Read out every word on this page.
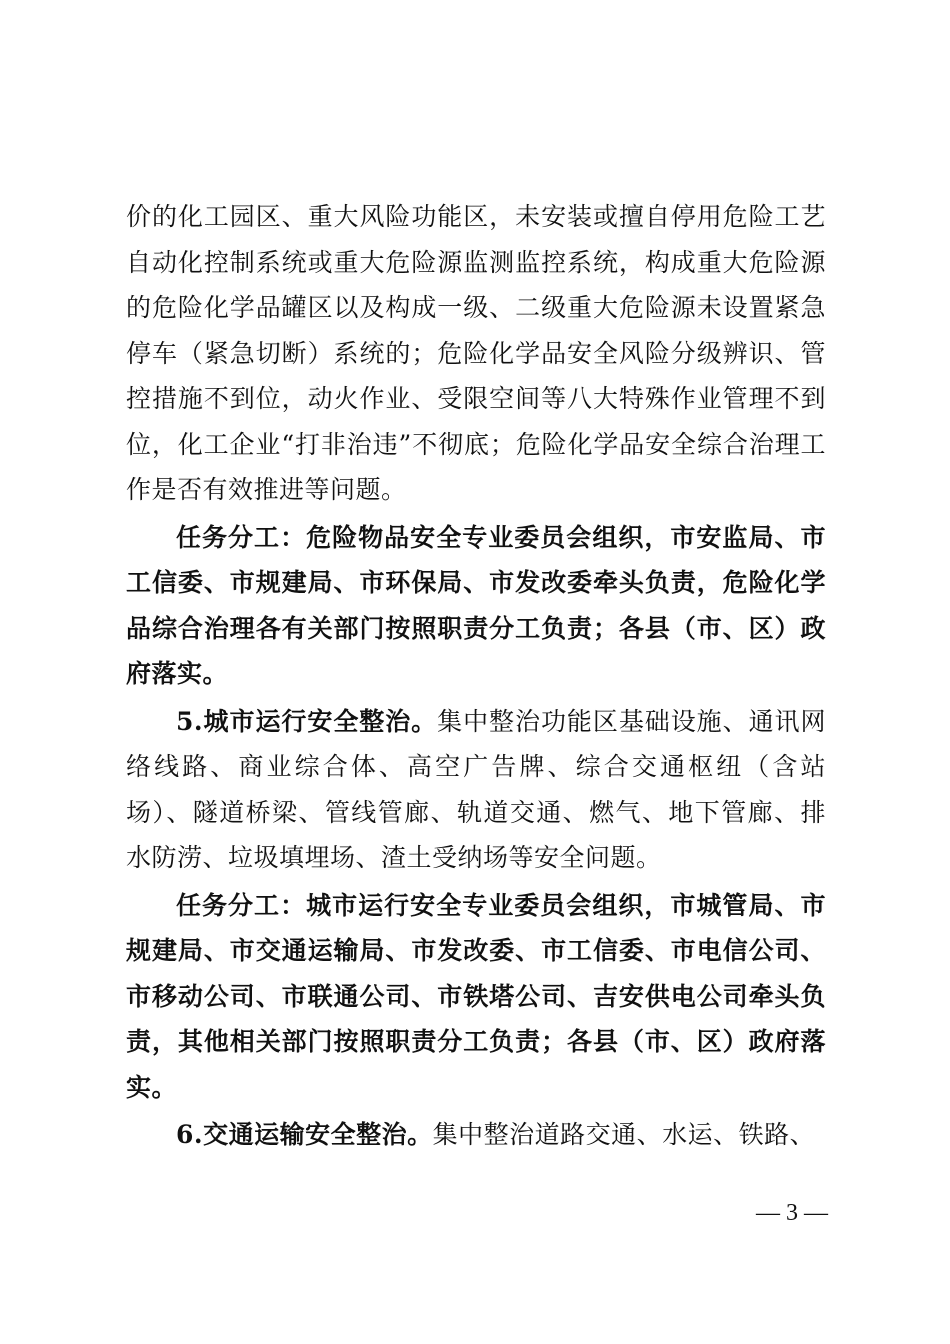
价的化工园区、重大风险功能区，未安装或擅自停用危险工艺自动化控制系统或重大危险源监测监控系统，构成重大危险源的危险化学品罐区以及构成一级、二级重大危险源未设置紧急停车（紧急切断）系统的；危险化学品安全风险分级辨识、管控措施不到位，动火作业、受限空间等八大特殊作业管理不到位，化工企业“打非治违”不彻底；危险化学品安全综合治理工作是否有效推进等问题。

任务分工：危险物品安全专业委员会组织，市安监局、市工信委、市规建局、市环保局、市发改委牵头负责，危险化学品综合治理各有关部门按照职责分工负责；各县（市、区）政府落实。

5.城市运行安全整治。集中整治功能区基础设施、通讯网络线路、商业综合体、高空广告牌、综合交通枢纽（含站场）、隧道桥梁、管线管廊、轨道交通、燃气、地下管廊、排水防涝、垃圾填埋场、渣土受纳场等安全问题。

任务分工：城市运行安全专业委员会组织，市城管局、市规建局、市交通运输局、市发改委、市工信委、市电信公司、市移动公司、市联通公司、市铁塔公司、吉安供电公司牵头负责，其他相关部门按照职责分工负责；各县（市、区）政府落实。

6.交通运输安全整治。集中整治道路交通、水运、铁路、

— 3 —
